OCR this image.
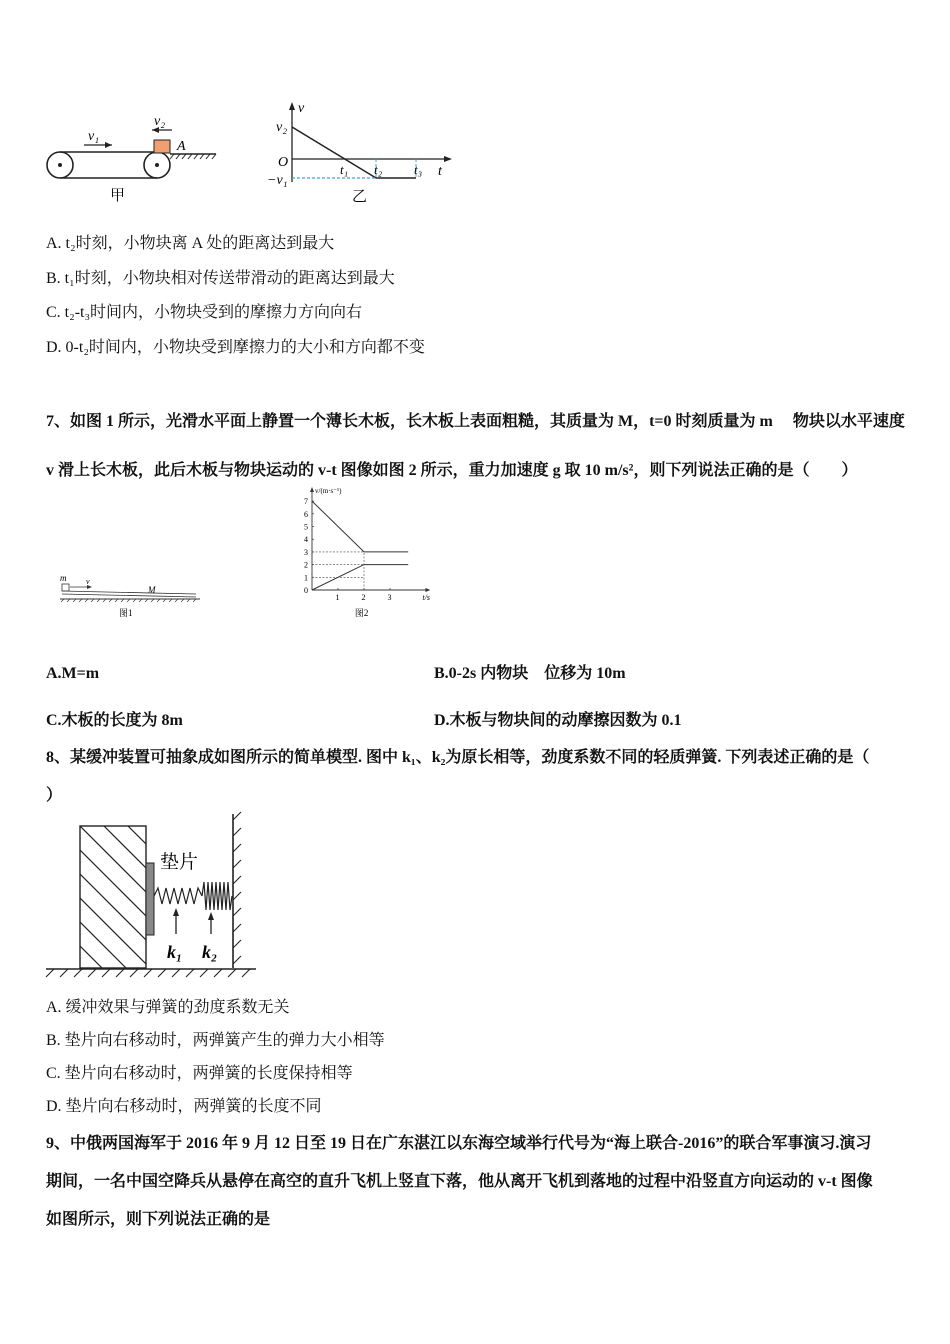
v₁
v₂
A
甲
v
v₂
O
−v₁
t₁ t₂ t₃ t
乙
A. t₂时刻，小物块离 A 处的距离达到最大
B. t₁时刻，小物块相对传送带滑动的距离达到最大
C. t₂-t₃时间内，小物块受到的摩擦力方向向右
D. 0-t₂时间内，小物块受到摩擦力的大小和方向都不变
7、如图 1 所示，光滑水平面上静置一个薄长木板，长木板上表面粗糙，其质量为 M，t=0 时刻质量为 m　 物块以水平速度
v 滑上长木板，此后木板与物块运动的 v-t 图像如图 2 所示，重力加速度 g 取 10 m/s²，则下列说法正确的是（　　）
m v
M
图1
0
1
2
3
4
5
6
7
1	2	3
v/(m·s⁻¹)
t/s
图2
A.M=m	B.0-2s 内物块　位移为 10m
C.木板的长度为 8m	D.木板与物块间的动摩擦因数为 0.1
8、某缓冲装置可抽象成如图所示的简单模型. 图中 k₁、k₂为原长相等，劲度系数不同的轻质弹簧. 下列表述正确的是（
）
垫片
k₁ k₂
A. 缓冲效果与弹簧的劲度系数无关
B. 垫片向右移动时，两弹簧产生的弹力大小相等
C. 垫片向右移动时，两弹簧的长度保持相等
D. 垫片向右移动时，两弹簧的长度不同
9、中俄两国海军于 2016 年 9 月 12 日至 19 日在广东湛江以东海空域举行代号为“海上联合-2016”的联合军事演习.演习
期间，一名中国空降兵从悬停在高空的直升飞机上竖直下落，他从离开飞机到落地的过程中沿竖直方向运动的 v-t 图像
如图所示，则下列说法正确的是
